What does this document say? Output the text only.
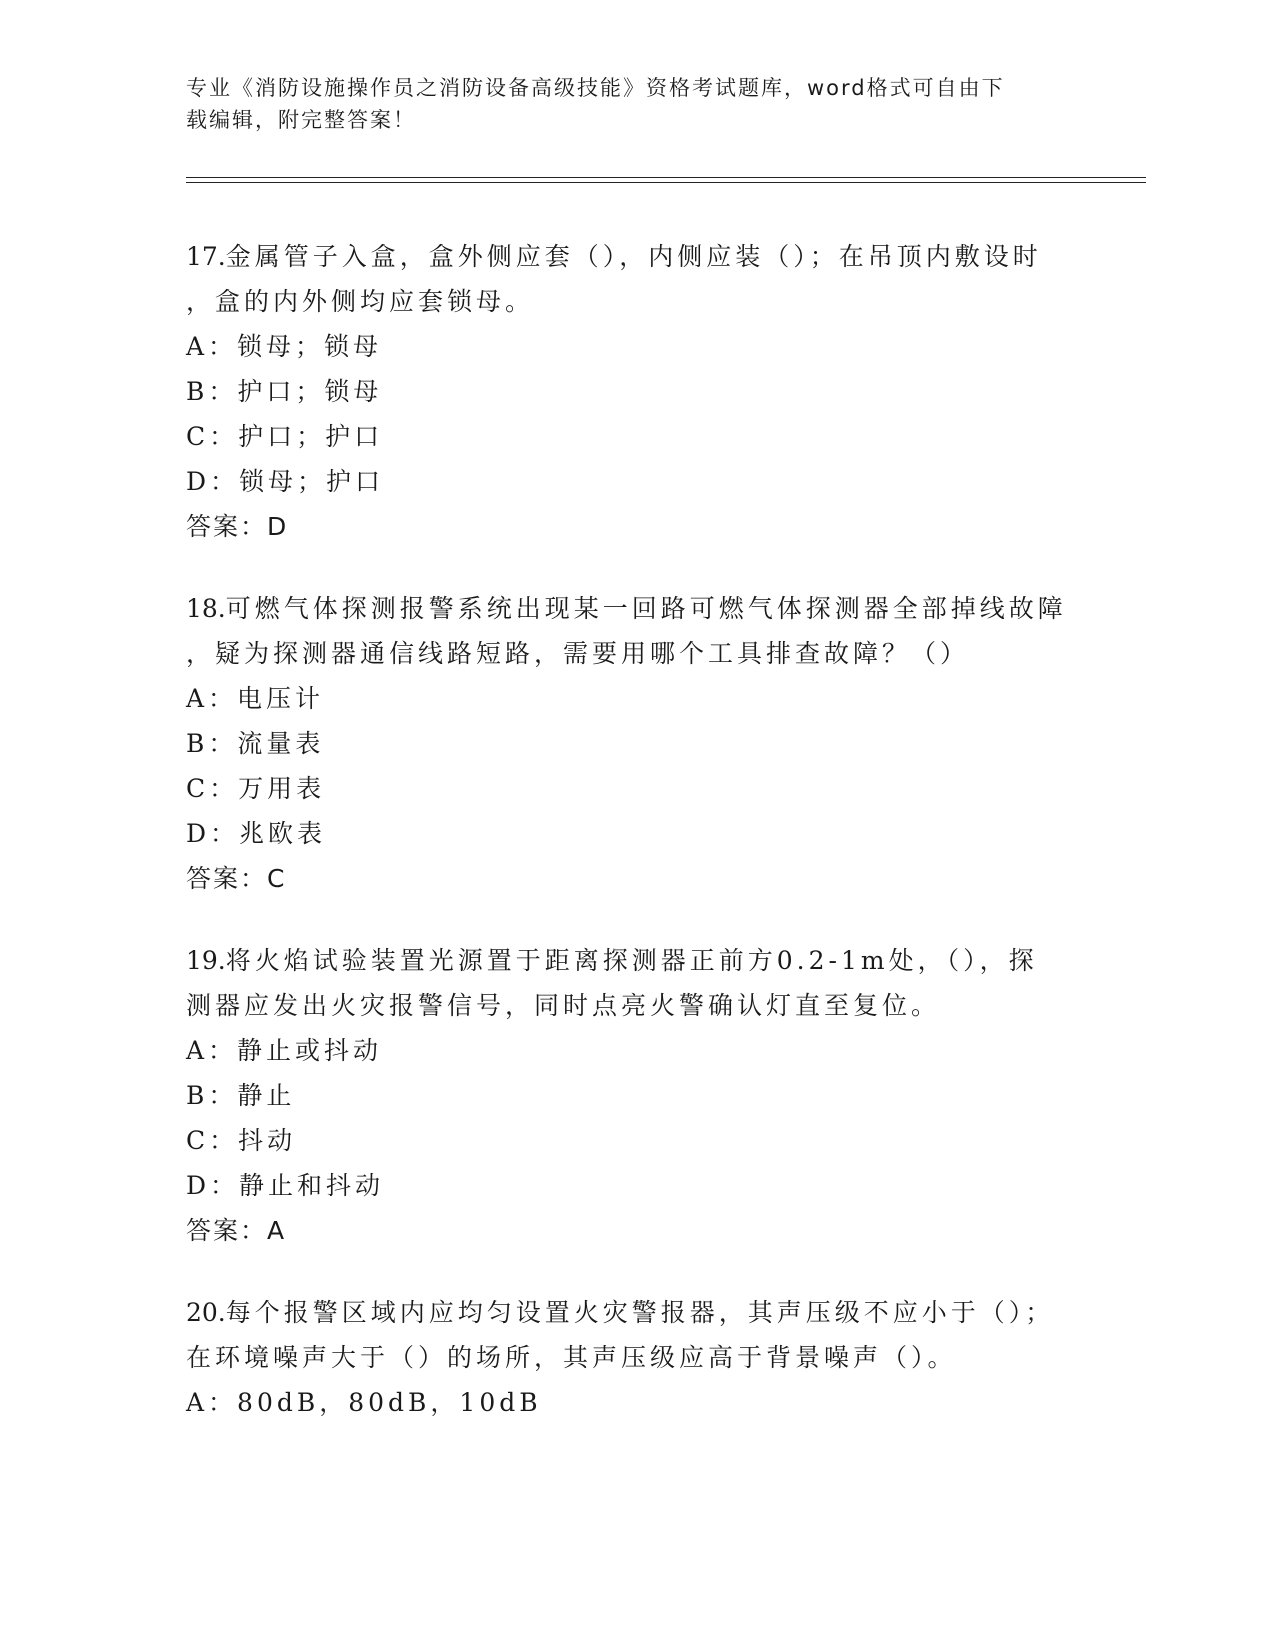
专业《消防设施操作员之消防设备高级技能》资格考试题库，word格式可自由下
载编辑，附完整答案！
17.金属管子入盒，盒外侧应套（），内侧应装（）；在吊顶内敷设时
，盒的内外侧均应套锁母。
A：锁母；锁母
B：护口；锁母
C：护口；护口
D：锁母；护口
答案：D
18.可燃气体探测报警系统出现某一回路可燃气体探测器全部掉线故障
，疑为探测器通信线路短路，需要用哪个工具排查故障？（）
A：电压计
B：流量表
C：万用表
D：兆欧表
答案：C
19.将火焰试验装置光源置于距离探测器正前方0.2-1m处，（），探
测器应发出火灾报警信号，同时点亮火警确认灯直至复位。
A：静止或抖动
B：静止
C：抖动
D：静止和抖动
答案：A
20.每个报警区域内应均匀设置火灾警报器，其声压级不应小于（）；
在环境噪声大于（）的场所，其声压级应高于背景噪声（）。
A：80dB，80dB，10dB
